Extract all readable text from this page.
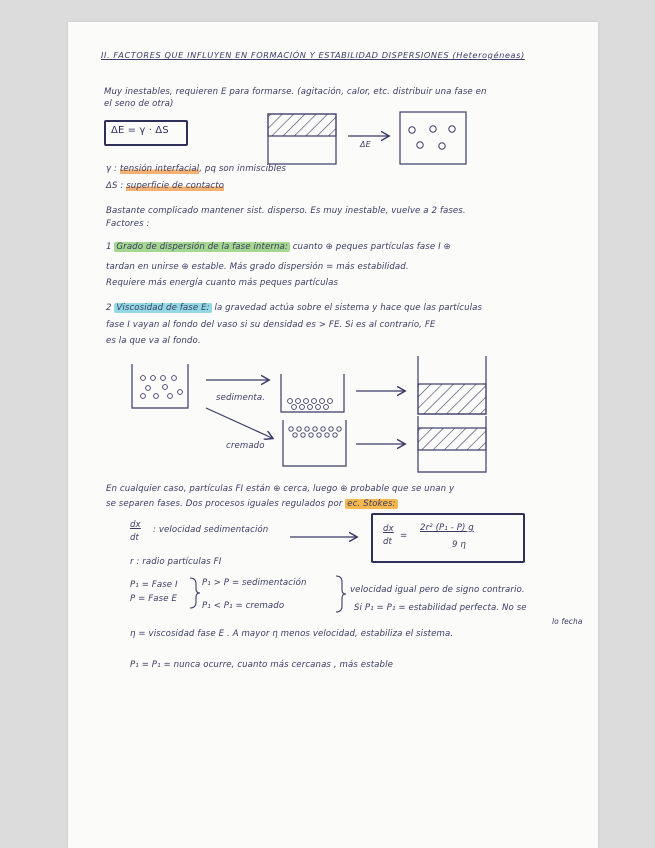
II. FACTORES QUE INFLUYEN EN FORMACIÓN Y ESTABILIDAD DISPERSIONES (Heterogéneas)
Muy inestables, requieren E para formarse. (agitación, calor, etc. distribuir una fase en
el seno de otra)
ΔE = γ · ΔS
γ : tensión interfacial, pq son inmiscibles
ΔS : superficie de contacto
Bastante complicado mantener sist. disperso. Es muy inestable, vuelve a 2 fases.
Factores :
1 Grado de dispersión de la fase interna: cuanto ⊕ peques partículas fase I ⊕
tardan en unirse ⊕ estable. Más grado dispersión = más estabilidad.
Requiere más energía cuanto más peques partículas
2 Viscosidad de fase E: la gravedad actúa sobre el sistema y hace que las partículas
fase I vayan al fondo del vaso si su densidad es > FE. Si es al contrario, FE
es la que va al fondo.
sedimenta.
cremado
ΔE
En cualquier caso, partículas FI están ⊕ cerca, luego ⊕ probable que se unan y
se separen fases. Dos procesos iguales regulados por ec. Stokes:
dx
dt
: velocidad sedimentación	dx
dt
=
2r² (P₁ - P) g
9 η
r : radio partículas FI
P₁ = Fase I
P = Fase E
P₁ > P = sedimentación
P₁ < P₁ = cremado
velocidad igual pero de signo contrario.
Si P₁ = P₁ = estabilidad perfecta. No se
lo fecha
η = viscosidad fase E . A mayor η menos velocidad, estabiliza el sistema.
P₁ = P₁ = nunca ocurre, cuanto más cercanas , más estable
